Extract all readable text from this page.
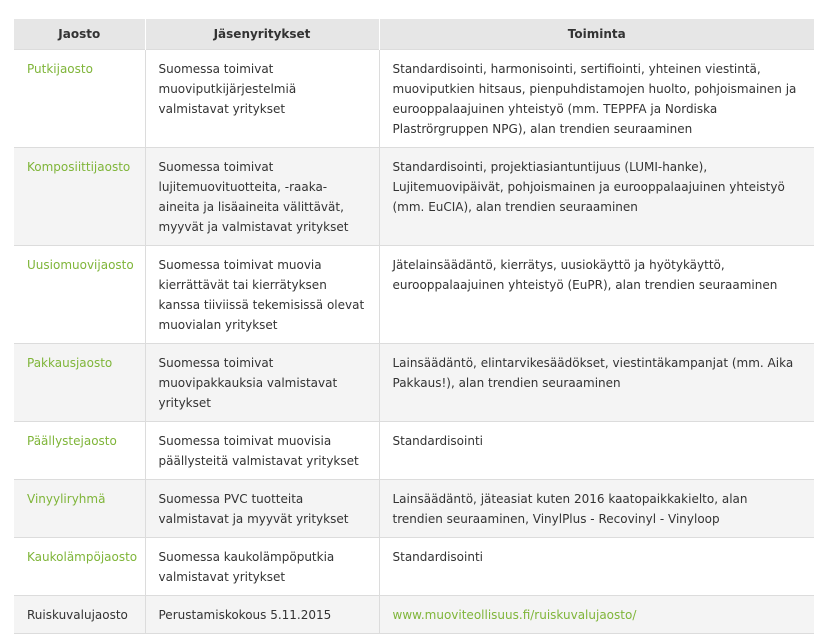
Jaosto	Jäsenyritykset	Toiminta
Putkijaosto	Suomessa toimivat muoviputkijärjestelmiä valmistavat yritykset	Standardisointi, harmonisointi, sertifiointi, yhteinen viestintä, muoviputkien hitsaus, pienpuhdistamojen huolto, pohjoismainen ja eurooppalaajuinen yhteistyö (mm. TEPPFA ja Nordiska Plaströrgruppen NPG), alan trendien seuraaminen
Komposiittijaosto	Suomessa toimivat lujitemuovituotteita, -raaka-aineita ja lisäaineita välittävät, myyvät ja valmistavat yritykset	Standardisointi, projektiasiantuntijuus (LUMI-hanke), Lujitemuovipäivät, pohjoismainen ja eurooppalaajuinen yhteistyö (mm. EuCIA), alan trendien seuraaminen
Uusiomuovijaosto	Suomessa toimivat muovia kierrättävät tai kierrätyksen kanssa tiiviissä tekemisissä olevat muovialan yritykset	Jätelainsäädäntö, kierrätys, uusiokäyttö ja hyötykäyttö, eurooppalaajuinen yhteistyö (EuPR), alan trendien seuraaminen
Pakkausjaosto	Suomessa toimivat muovipakkauksia valmistavat yritykset	Lainsäädäntö, elintarvikesäädökset, viestintäkampanjat (mm. Aika Pakkaus!), alan trendien seuraaminen
Päällystejaosto	Suomessa toimivat muovisia päällysteitä valmistavat yritykset	Standardisointi
Vinyyliryhmä	Suomessa PVC tuotteita valmistavat ja myyvät yritykset	Lainsäädäntö, jäteasiat kuten 2016 kaatopaikkakielto, alan trendien seuraaminen, VinylPlus - Recovinyl - Vinyloop
Kaukolämpöjaosto	Suomessa kaukolämpöputkia valmistavat yritykset	Standardisointi
Ruiskuvalujaosto	Perustamiskokous 5.11.2015	www.muoviteollisuus.fi/ruiskuvalujaosto/
